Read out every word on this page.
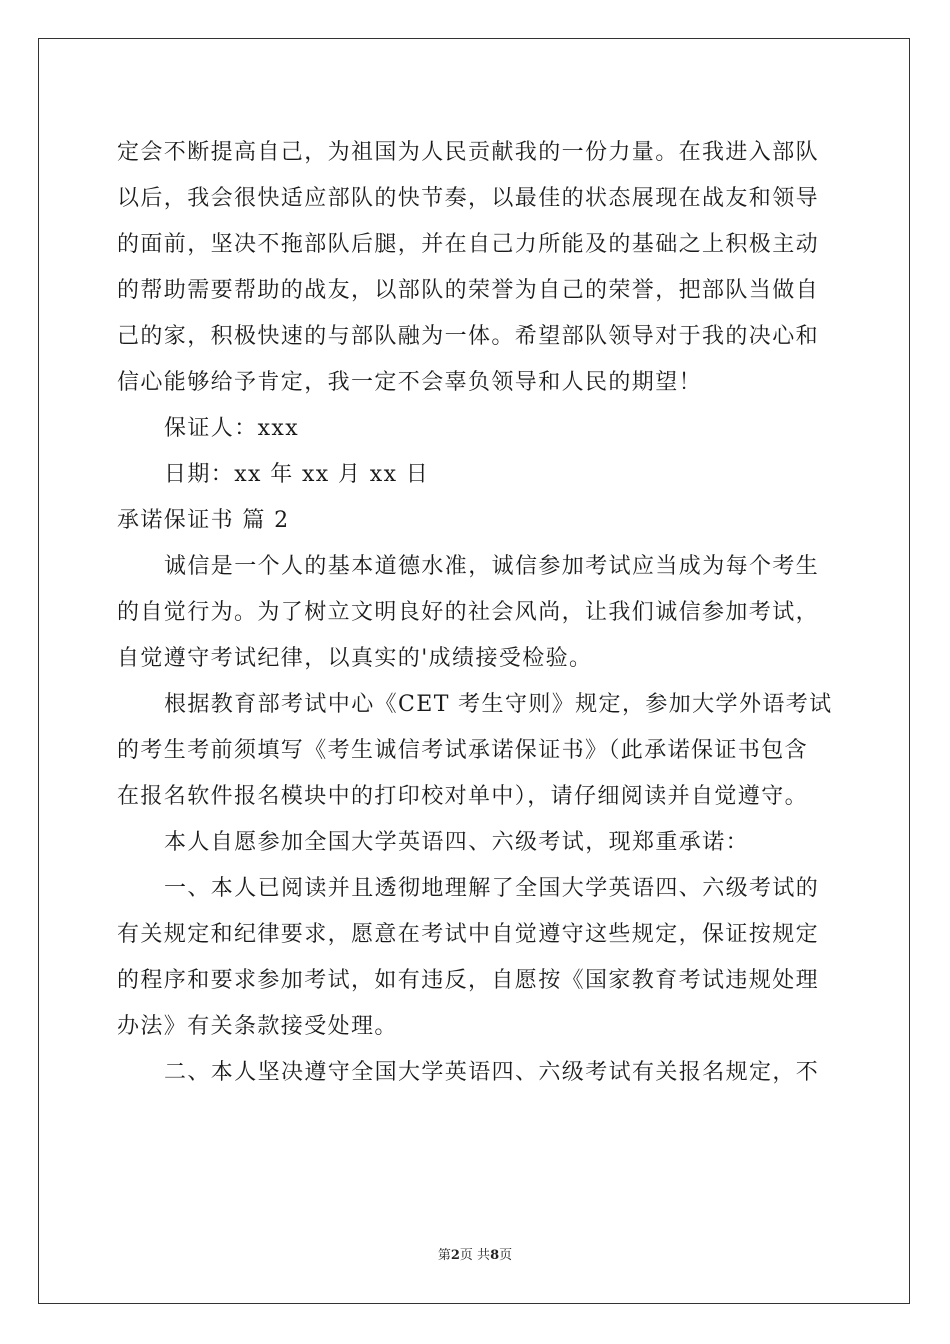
定会不断提高自己，为祖国为人民贡献我的一份力量。在我进入部队
以后，我会很快适应部队的快节奏，以最佳的状态展现在战友和领导
的面前，坚决不拖部队后腿，并在自己力所能及的基础之上积极主动
的帮助需要帮助的战友，以部队的荣誉为自己的荣誉，把部队当做自
己的家，积极快速的与部队融为一体。希望部队领导对于我的决心和
信心能够给予肯定，我一定不会辜负领导和人民的期望！
保证人：xxx
日期：xx 年 xx 月 xx 日
承诺保证书 篇 2
诚信是一个人的基本道德水准，诚信参加考试应当成为每个考生
的自觉行为。为了树立文明良好的社会风尚，让我们诚信参加考试，
自觉遵守考试纪律，以真实的'成绩接受检验。
根据教育部考试中心《CET 考生守则》规定，参加大学外语考试
的考生考前须填写《考生诚信考试承诺保证书》（此承诺保证书包含
在报名软件报名模块中的打印校对单中），请仔细阅读并自觉遵守。
本人自愿参加全国大学英语四、六级考试，现郑重承诺：
一、本人已阅读并且透彻地理解了全国大学英语四、六级考试的
有关规定和纪律要求，愿意在考试中自觉遵守这些规定，保证按规定
的程序和要求参加考试，如有违反，自愿按《国家教育考试违规处理
办法》有关条款接受处理。
二、本人坚决遵守全国大学英语四、六级考试有关报名规定，不
第2页 共8页
